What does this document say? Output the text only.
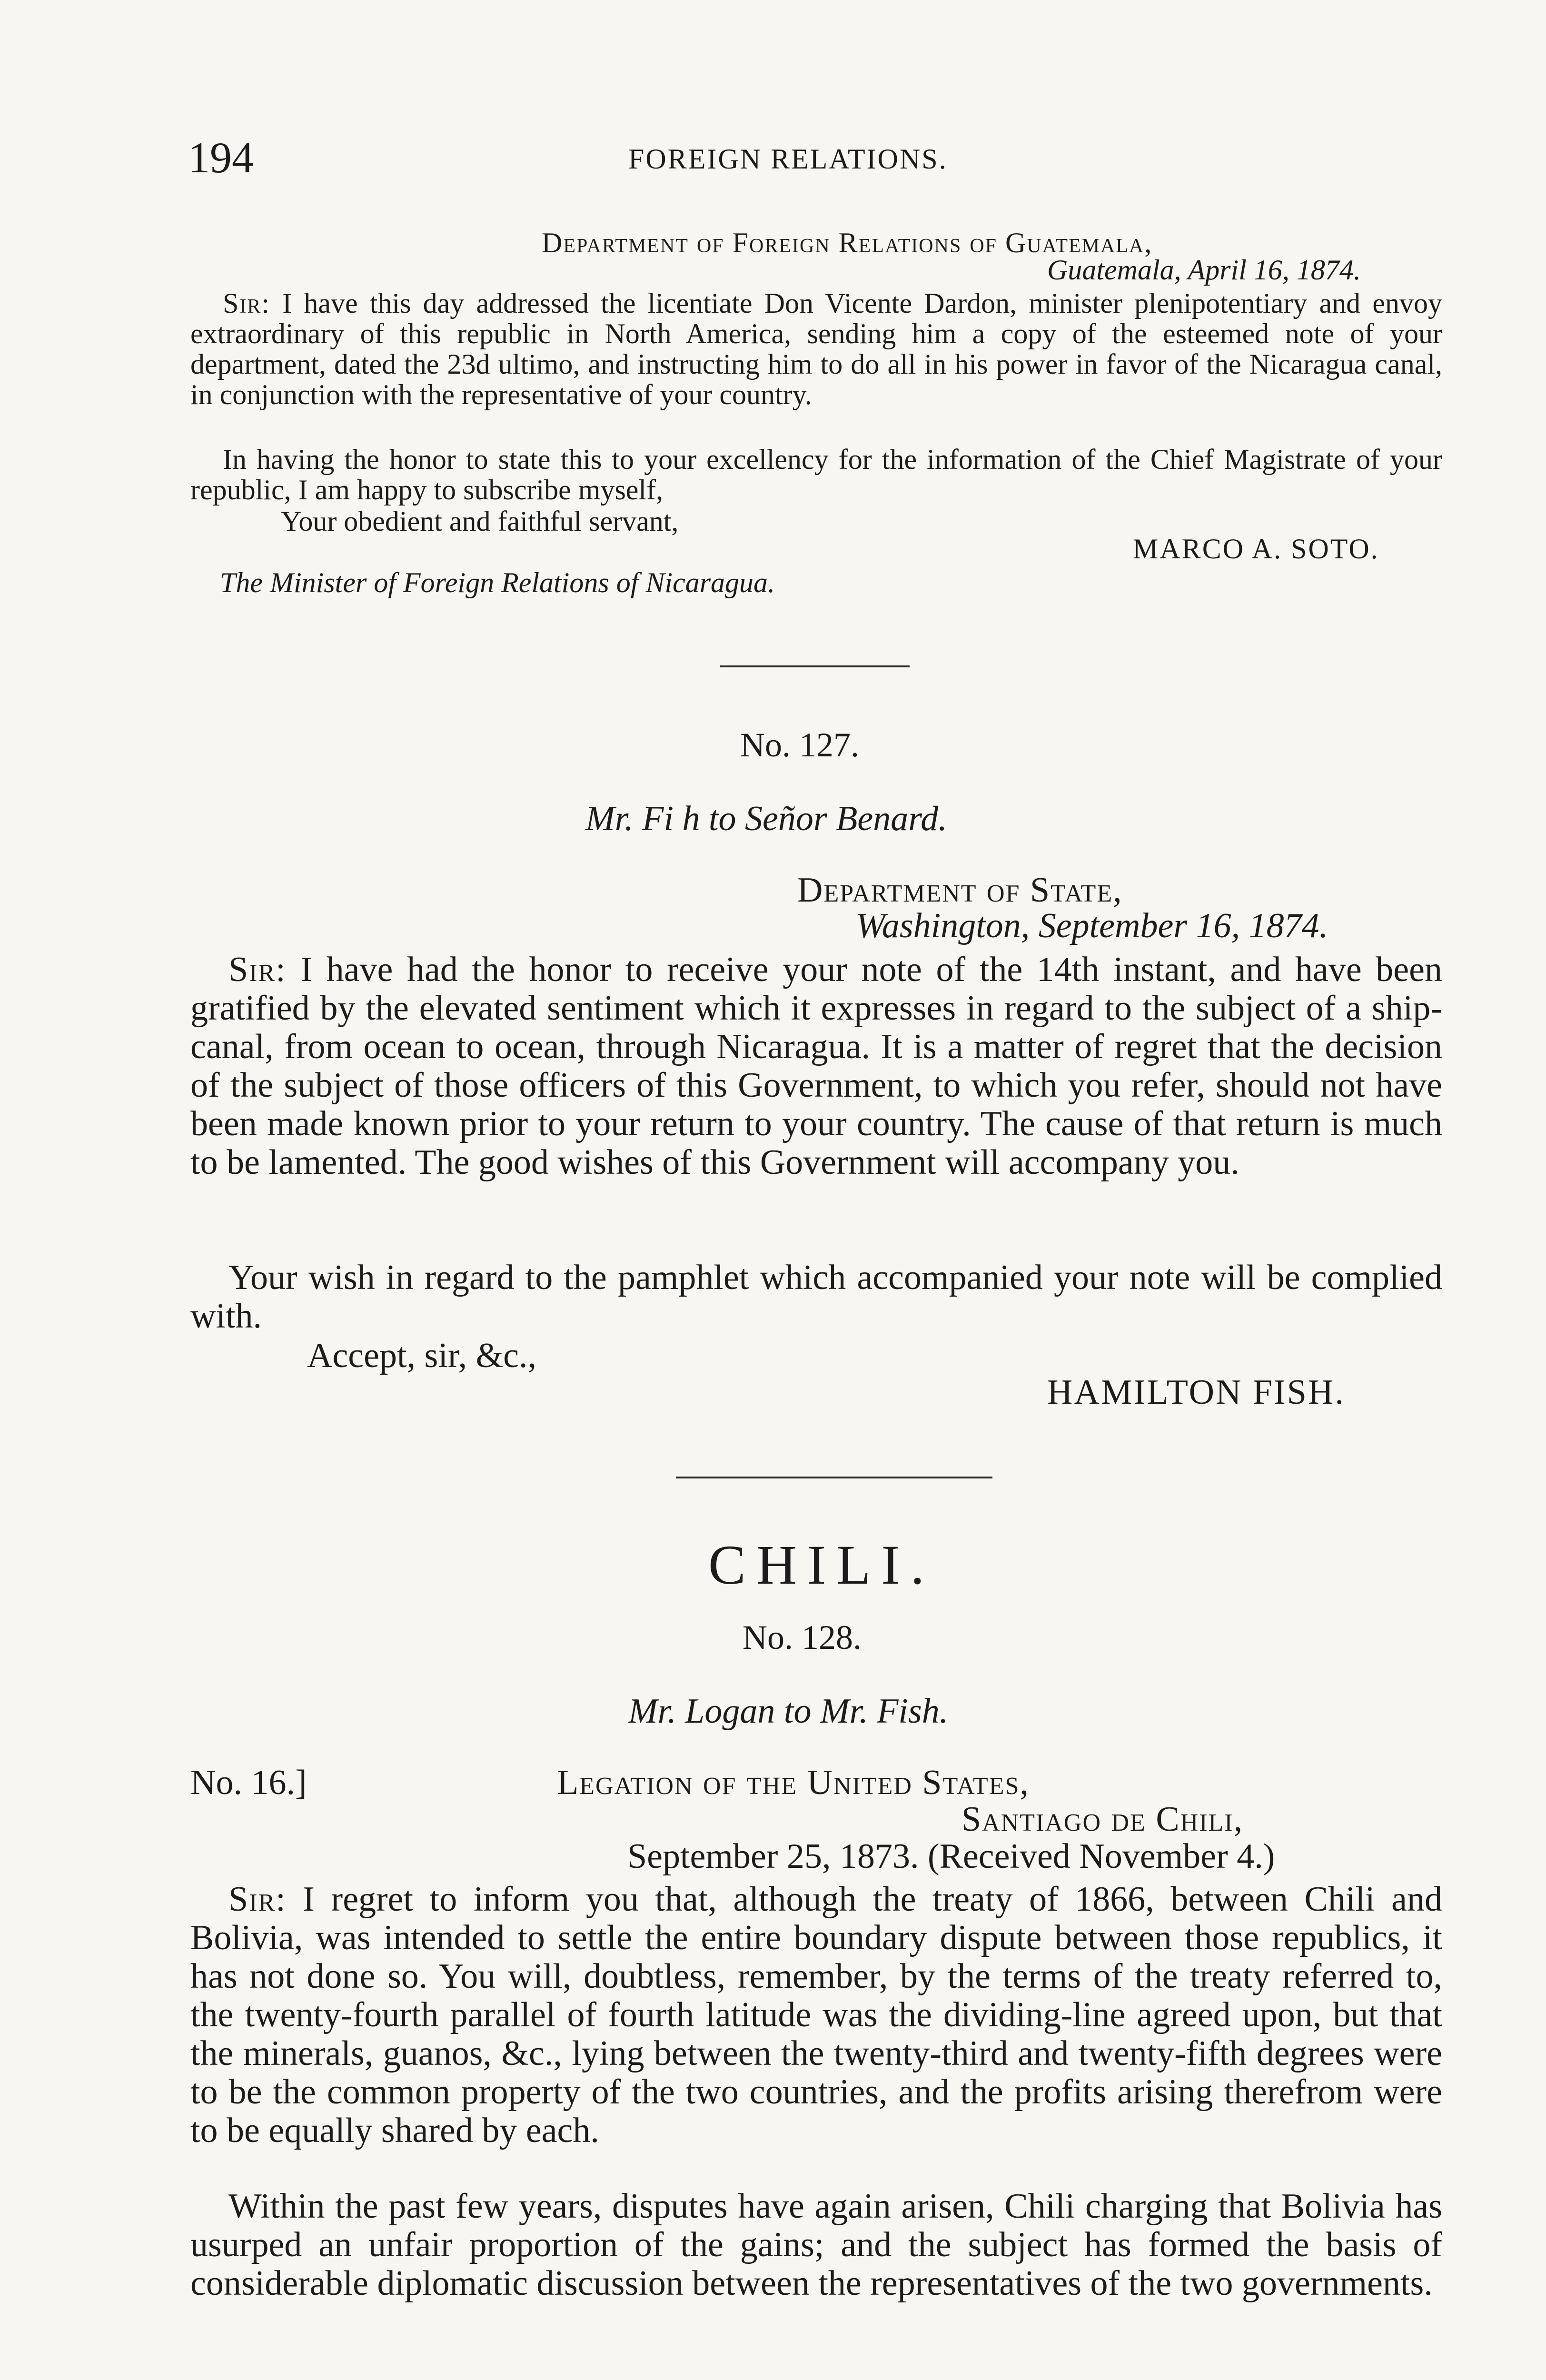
194	FOREIGN RELATIONS.
Department of Foreign Relations of Guatemala,
Guatemala, April 16, 1874.

Sir: I have this day addressed the licentiate Don Vicente Dardon, minister plenipotentiary and envoy extraordinary of this republic in North America, sending him a copy of the esteemed note of your department, dated the 23d ultimo, and instructing him to do all in his power in favor of the Nicaragua canal, in conjunction with the representative of your country.

In having the honor to state this to your excellency for the information of the Chief Magistrate of your republic, I am happy to subscribe myself,

Your obedient and faithful servant,
MARCO A. SOTO.
The Minister of Foreign Relations of Nicaragua.
No. 127.
Mr. Fi h to Señor Benard.
Department of State,
Washington, September 16, 1874.

Sir: I have had the honor to receive your note of the 14th instant, and have been gratified by the elevated sentiment which it expresses in regard to the subject of a ship-canal, from ocean to ocean, through Nicaragua. It is a matter of regret that the decision of the subject of those officers of this Government, to which you refer, should not have been made known prior to your return to your country. The cause of that return is much to be lamented. The good wishes of this Government will accompany you.

Your wish in regard to the pamphlet which accompanied your note will be complied with.

Accept, sir, &c.,
HAMILTON FISH.
CHILI.
No. 128.
Mr. Logan to Mr. Fish.
No. 16.]	Legation of the United States,
Santiago de Chili,
September 25, 1873. (Received November 4.)

Sir: I regret to inform you that, although the treaty of 1866, between Chili and Bolivia, was intended to settle the entire boundary dispute between those republics, it has not done so. You will, doubtless, remember, by the terms of the treaty referred to, the twenty-fourth parallel of fourth latitude was the dividing-line agreed upon, but that the minerals, guanos, &c., lying between the twenty-third and twenty-fifth degrees were to be the common property of the two countries, and the profits arising therefrom were to be equally shared by each.

Within the past few years, disputes have again arisen, Chili charging that Bolivia has usurped an unfair proportion of the gains; and the subject has formed the basis of considerable diplomatic discussion between the representatives of the two governments.
